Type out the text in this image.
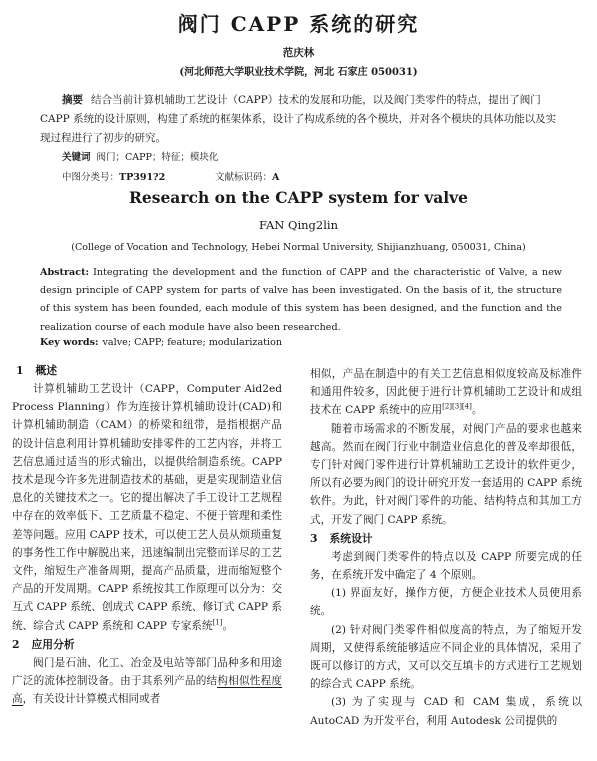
阀门 CAPP 系统的研究
范庆林
(河北师范大学职业技术学院，河北 石家庄 050031)
摘要 结合当前计算机辅助工艺设计（CAPP）技术的发展和功能，以及阀门类零件的特点，提出了阀门 CAPP 系统的设计原则，构建了系统的框架体系，设计了构成系统的各个模块，并对各个模块的具体功能以及实现过程进行了初步的研究。
关键词 阀门；CAPP；特征；模块化
中图分类号：TP391?2	文献标识码：A
Research on the CAPP system for valve
FAN Qing2lin
(College of Vocation and Technology, Hebei Normal University, Shijianzhuang, 050031, China)
Abstract: Integrating the development and the function of CAPP and the characteristic of Valve, a new design principle of CAPP system for parts of valve has been investigated. On the basis of it, the structure of this system has been founded, each module of this system has been designed, and the function and the realization course of each module have also been researched.
Key words: valve; CAPP; feature; modularization
1 概述

计算机辅助工艺设计（CAPP，Computer Aid2ed Process Planning）作为连接计算机辅助设计(CAD)和计算机辅助制造（CAM）的桥梁和纽带，是指根据产品的设计信息利用计算机辅助安排零件的工艺内容，并将工艺信息通过适当的形式输出，以提供给制造系统。CAPP 技术是现今许多先进制造技术的基础，更是实现制造业信息化的关键技术之一。它的提出解决了手工设计工艺规程中存在的效率低下、工艺质量不稳定、不便于管理和柔性差等问题。应用 CAPP 技术，可以使工艺人员从烦琐重复的事务性工作中解脱出来，迅速编制出完整而详尽的工艺文件，缩短生产准备周期，提高产品质量，进而缩短整个产品的开发周期。CAPP 系统按其工作原理可以分为：交互式 CAPP 系统、创成式 CAPP 系统、修订式 CAPP 系统、综合式 CAPP 系统和 CAPP 专家系统[1]。

2 应用分析

阀门是石油、化工、冶金及电站等部门品种多和用途广泛的流体控制设备。由于其系列产品的结构相似性程度高，有关设计计算模式相同或者

相似，产品在制造中的有关工艺信息相似度较高及标准件和通用件较多，因此便于进行计算机辅助工艺设计和成组技术在 CAPP 系统中的应用[2][3][4]。

随着市场需求的不断发展，对阀门产品的要求也越来越高。然而在阀门行业中制造业信息化的普及率却很低，专门针对阀门零件进行计算机辅助工艺设计的软件更少，所以有必要为阀门的设计研究开发一套适用的 CAPP 系统软件。为此，针对阀门零件的功能、结构特点和其加工方式，开发了阀门 CAPP 系统。

3 系统设计

考虑到阀门类零件的特点以及 CAPP 所要完成的任务，在系统开发中确定了 4 个原则。

(1) 界面友好，操作方便，方便企业技术人员使用系统。

(2) 针对阀门类零件相似度高的特点，为了缩短开发周期，又使得系统能够适应不同企业的具体情况，采用了既可以修订的方式，又可以交互填卡的方式进行工艺规划的综合式 CAPP 系统。

(3) 为了实现与 CAD 和 CAM 集成，系统以 AutoCAD 为开发平台，利用 Autodesk 公司提供的
